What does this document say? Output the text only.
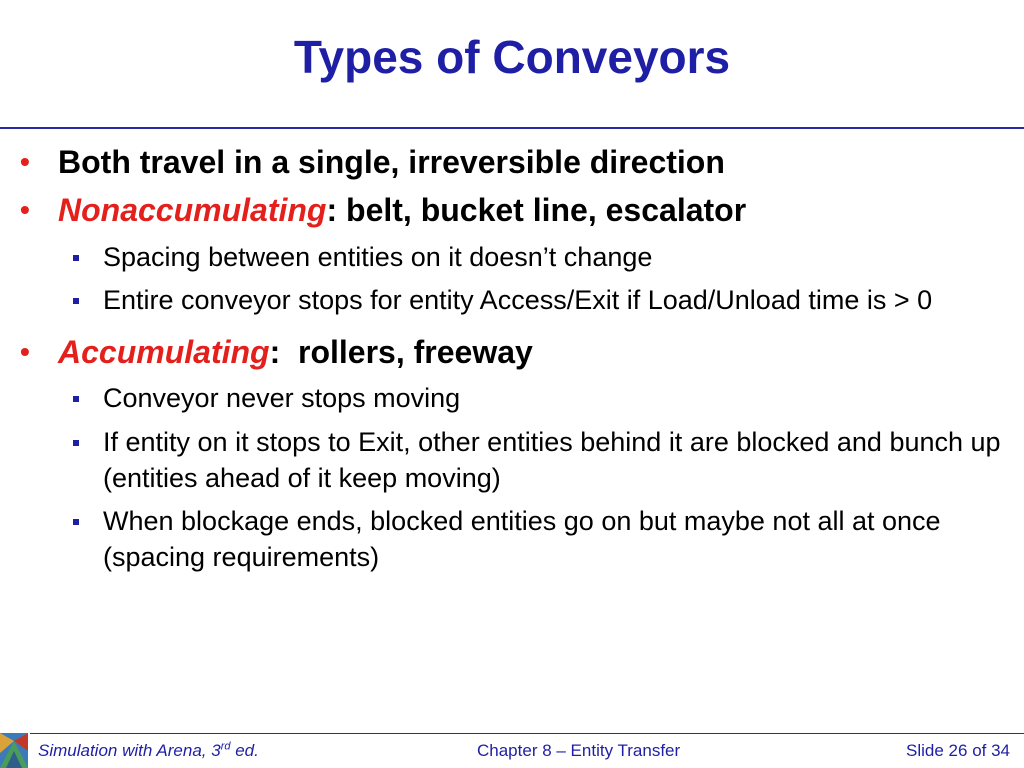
Types of Conveyors
• Both travel in a single, irreversible direction
• Nonaccumulating: belt, bucket line, escalator
Spacing between entities on it doesn’t change
Entire conveyor stops for entity Access/Exit if Load/Unload time is > 0
• Accumulating:  rollers, freeway
Conveyor never stops moving
If entity on it stops to Exit, other entities behind it are blocked and bunch up (entities ahead of it keep moving)
When blockage ends, blocked entities go on but maybe not all at once (spacing requirements)
Simulation with Arena, 3rd ed.	Chapter 8 – Entity Transfer	Slide 26 of 34
